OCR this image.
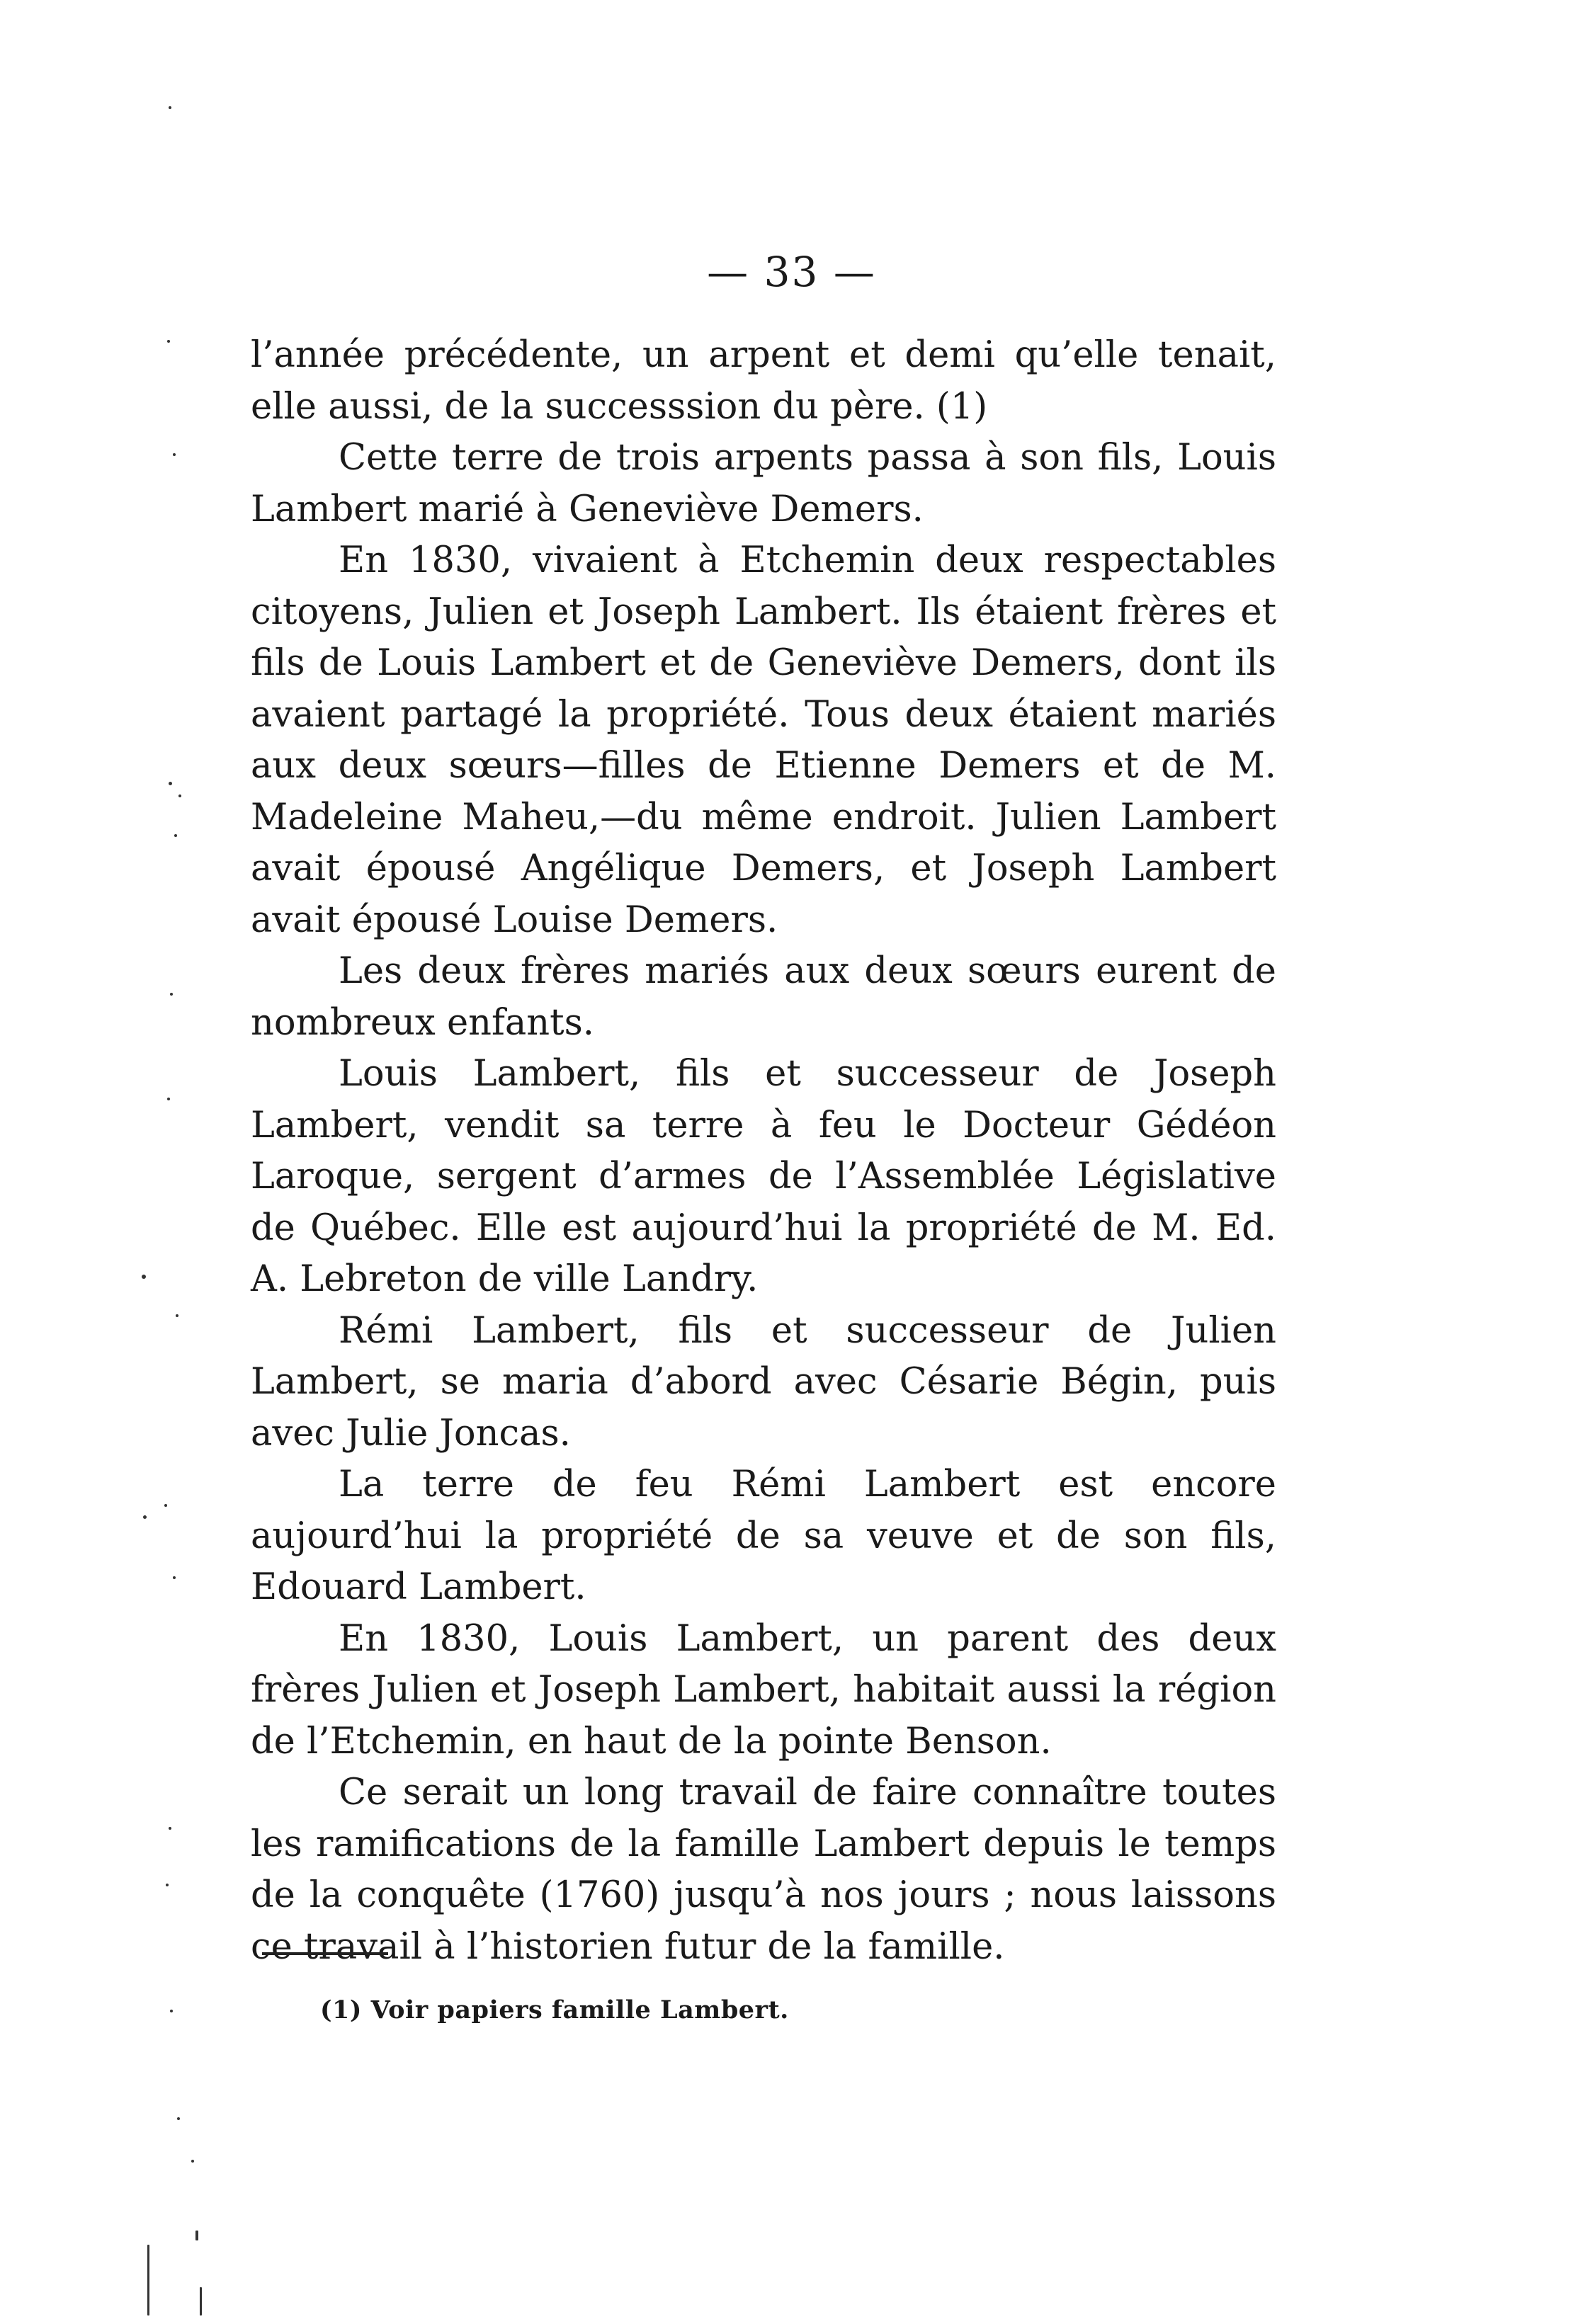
— 33 —

l’année précédente, un arpent et demi qu’elle tenait, elle aussi, de la successsion du père. (1)

Cette terre de trois arpents passa à son fils, Louis Lambert marié à Geneviève Demers.

En 1830, vivaient à Etchemin deux respectables citoyens, Julien et Joseph Lambert. Ils étaient frères et fils de Louis Lambert et de Geneviève Demers, dont ils avaient partagé la propriété. Tous deux étaient mariés aux deux sœurs—filles de Etienne Demers et de M. Madeleine Maheu,—du même endroit. Julien Lambert avait épousé Angélique Demers, et Joseph Lambert avait épousé Louise Demers.

Les deux frères mariés aux deux sœurs eurent de nombreux enfants.

Louis Lambert, fils et successeur de Joseph Lambert, vendit sa terre à feu le Docteur Gédéon Laroque, sergent d’armes de l’Assemblée Législative de Québec. Elle est aujourd’hui la propriété de M. Ed. A. Lebreton de ville Landry.

Rémi Lambert, fils et successeur de Julien Lambert, se maria d’abord avec Césarie Bégin, puis avec Julie Joncas.

La terre de feu Rémi Lambert est encore aujourd’hui la propriété de sa veuve et de son fils, Edouard Lambert.

En 1830, Louis Lambert, un parent des deux frères Julien et Joseph Lambert, habitait aussi la région de l’Etchemin, en haut de la pointe Benson.

Ce serait un long travail de faire connaître toutes les ramifications de la famille Lambert depuis le temps de la conquête (1760) jusqu’à nos jours ; nous laissons ce travail à l’historien futur de la famille.

(1) Voir papiers famille Lambert.
